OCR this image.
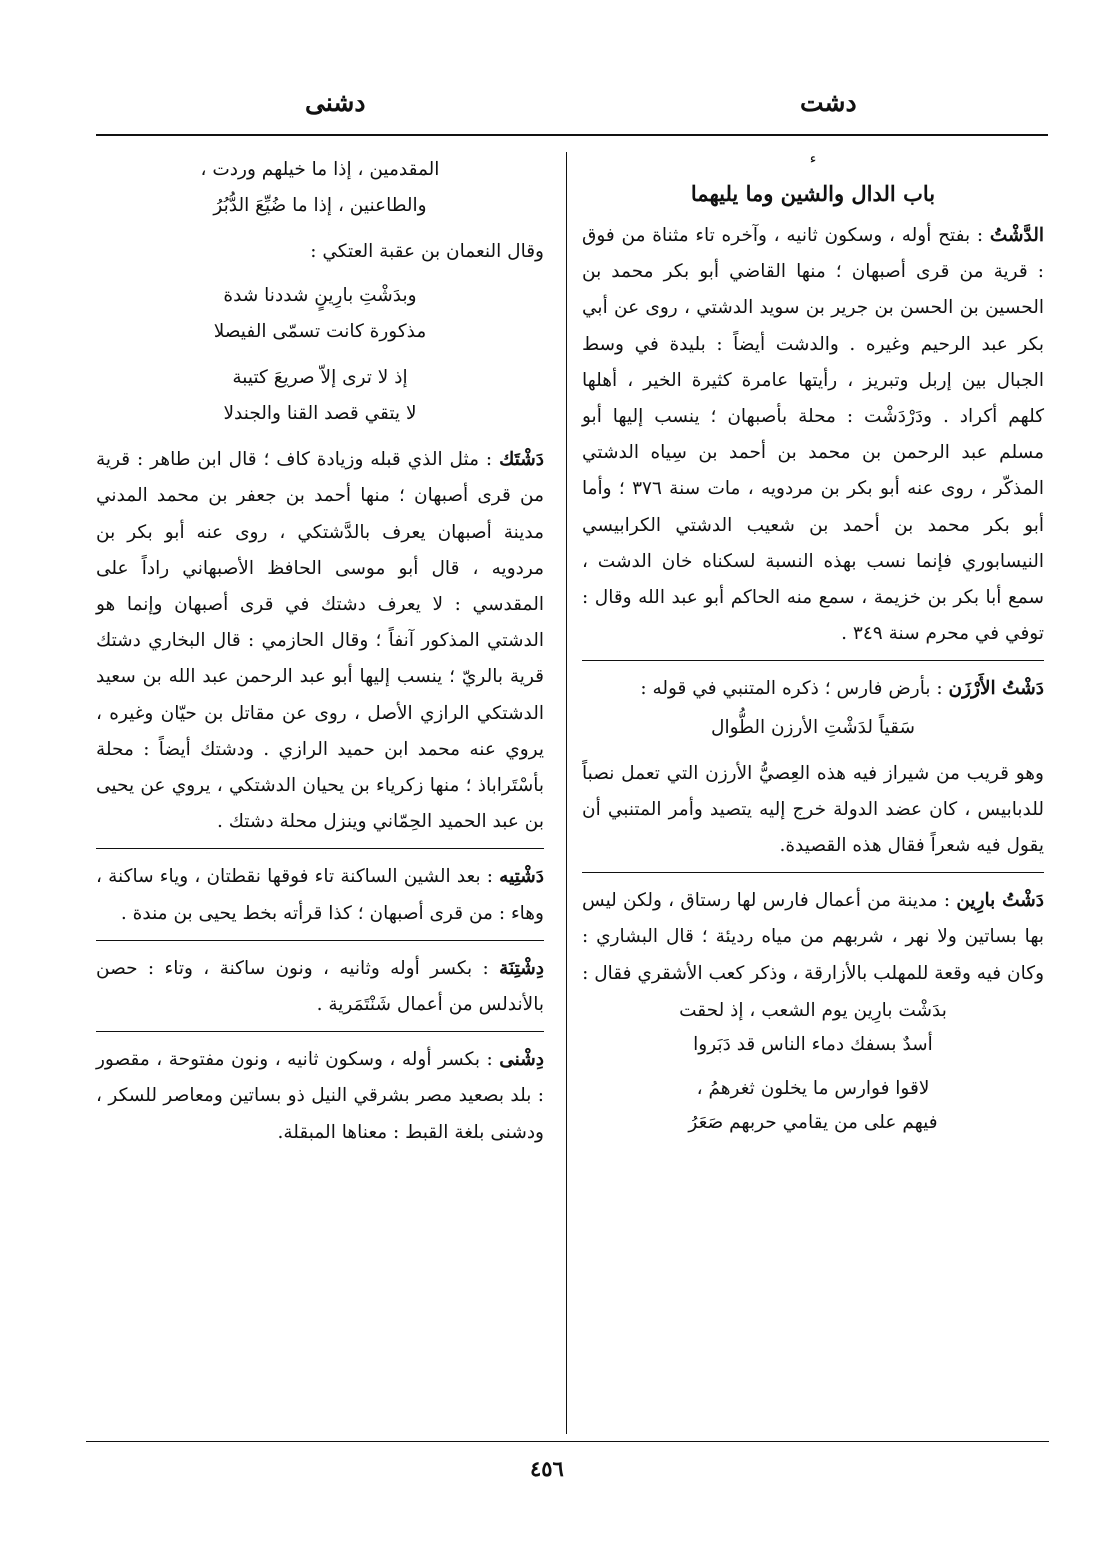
دشت
دشنى
ء
باب الدال والشين وما يليهما

الدَّشْتُ : بفتح أوله ، وسكون ثانيه ، وآخره تاء مثناة من فوق : قرية من قرى أصبهان ؛ منها القاضي أبو بكر محمد بن الحسين بن الحسن بن جرير بن سويد الدشتي ، روى عن أبي بكر عبد الرحيم وغيره . والدشت أيضاً : بليدة في وسط الجبال بين إربل وتبريز ، رأيتها عامرة كثيرة الخير ، أهلها كلهم أكراد . ودَرْدَشْت : محلة بأصبهان ؛ ينسب إليها أبو مسلم عبد الرحمن بن محمد بن أحمد بن سِياه الدشتي المذكّر ، روى عنه أبو بكر بن مردويه ، مات سنة ٣٧٦ ؛ وأما أبو بكر محمد بن أحمد بن شعيب الدشتي الكرابيسي النيسابوري فإنما نسب بهذه النسبة لسكناه خان الدشت ، سمع أبا بكر بن خزيمة ، سمع منه الحاكم أبو عبد الله وقال : توفي في محرم سنة ٣٤٩ .

دَشْتُ الأَرْزَن : بأرض فارس ؛ ذكره المتنبي في قوله :

سَقياً لدَشْتِ الأرزن الطُّوال

وهو قريب من شيراز فيه هذه العِصيُّ الأرزن التي تعمل نصباً للدبابيس ، كان عضد الدولة خرج إليه يتصيد وأمر المتنبي أن يقول فيه شعراً فقال هذه القصيدة.

دَشْتُ بارِين : مدينة من أعمال فارس لها رستاق ، ولكن ليس بها بساتين ولا نهر ، شربهم من مياه رديئة ؛ قال البشاري : وكان فيه وقعة للمهلب بالأزارقة ، وذكر كعب الأشقري فقال :

بدَشْت بارِين يوم الشعب ، إذ لحقت
أسدٌ بسفك دماء الناس قد دَبَروا
لاقوا فوارس ما يخلون ثغرهمُ ،
فيهم على من يقامي حربهم صَعَرُ
المقدمين ، إذا ما خيلهم وردت ،
والطاعنين ، إذا ما ضُيِّعَ الدُّبُرُ

وقال النعمان بن عقبة العتكي :

وبدَشْتِ بارِينٍ شددنا شدة
مذكورة كانت تسمّى الفيصلا
إذ لا ترى إلاّ صريعَ كتيبة
لا يتقي قصد القنا والجندلا

دَشْتَك : مثل الذي قبله وزيادة كاف ؛ قال ابن طاهر : قرية من قرى أصبهان ؛ منها أحمد بن جعفر بن محمد المدني مدينة أصبهان يعرف بالدَّشتكي ، روى عنه أبو بكر بن مردويه ، قال أبو موسى الحافظ الأصبهاني راداً على المقدسي : لا يعرف دشتك في قرى أصبهان وإنما هو الدشتي المذكور آنفاً ؛ وقال الحازمي : قال البخاري دشتك قرية بالريّ ؛ ينسب إليها أبو عبد الرحمن عبد الله بن سعيد الدشتكي الرازي الأصل ، روى عن مقاتل بن حيّان وغيره ، يروي عنه محمد ابن حميد الرازي . ودشتك أيضاً : محلة بأسْتَراباذ ؛ منها زكرياء بن يحيان الدشتكي ، يروي عن يحيى بن عبد الحميد الحِمّاني وينزل محلة دشتك .

دَشْتِيه : بعد الشين الساكنة تاء فوقها نقطتان ، وياء ساكنة ، وهاء : من قرى أصبهان ؛ كذا قرأته بخط يحيى بن مندة .

دِشْتِنَة : بكسر أوله وثانيه ، ونون ساكنة ، وتاء : حصن بالأندلس من أعمال شَنْتَمَرية .

دِشْنى : بكسر أوله ، وسكون ثانيه ، ونون مفتوحة ، مقصور : بلد بصعيد مصر بشرقي النيل ذو بساتين ومعاصر للسكر ، ودشنى بلغة القبط : معناها المبقلة.

٤٥٦
